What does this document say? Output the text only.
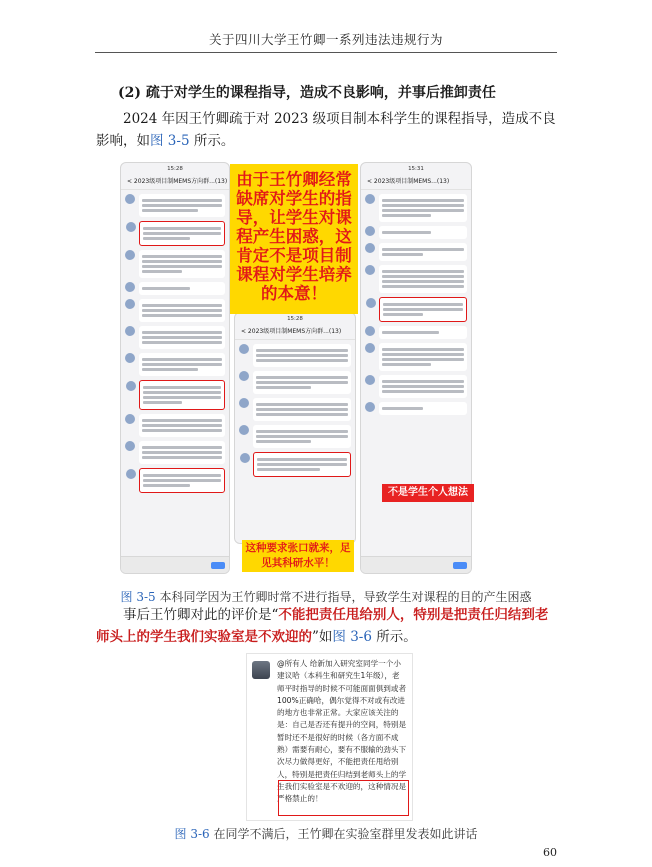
关于四川大学王竹卿一系列违法违规行为
(2) 疏于对学生的课程指导，造成不良影响，并事后推卸责任
2024 年因王竹卿疏于对 2023 级项目制本科学生的课程指导，造成不良影响，如图 3-5 所示。
15:28
< 2023级项目制MEMS方向群...(13)
15:28
< 2023级项目制MEMS方向群...(13)
15:31
< 2023级项目制MEMS...(13)
由于王竹卿经常缺席对学生的指导，让学生对课程产生困惑，这肯定不是项目制课程对学生培养的本意！
不是学生个人想法
这种要求张口就来，足见其科研水平！
图 3-5 本科同学因为王竹卿时常不进行指导，导致学生对课程的目的产生困惑
事后王竹卿对此的评价是“不能把责任甩给别人，特别是把责任归结到老师头上的学生我们实验室是不欢迎的”如图 3-6 所示。
@所有人 给新加入研究室同学一个小建议哈（本科生和研究生1年级），老师平时指导的时候不可能面面俱到或者100%正确哈，偶尔觉得不对或有改进的地方也非常正常。大家应该关注的是：自己是否还有提升的空间，特别是暂时还不是很好的时候（各方面不成熟）需要有耐心，要有不服输的劲头下次尽力做得更好，不能把责任甩给别人，特别是把责任归结到老师头上的学生我们实验室是不欢迎的，这种情况是严格禁止的！
图 3-6 在同学不满后，王竹卿在实验室群里发表如此讲话
60
